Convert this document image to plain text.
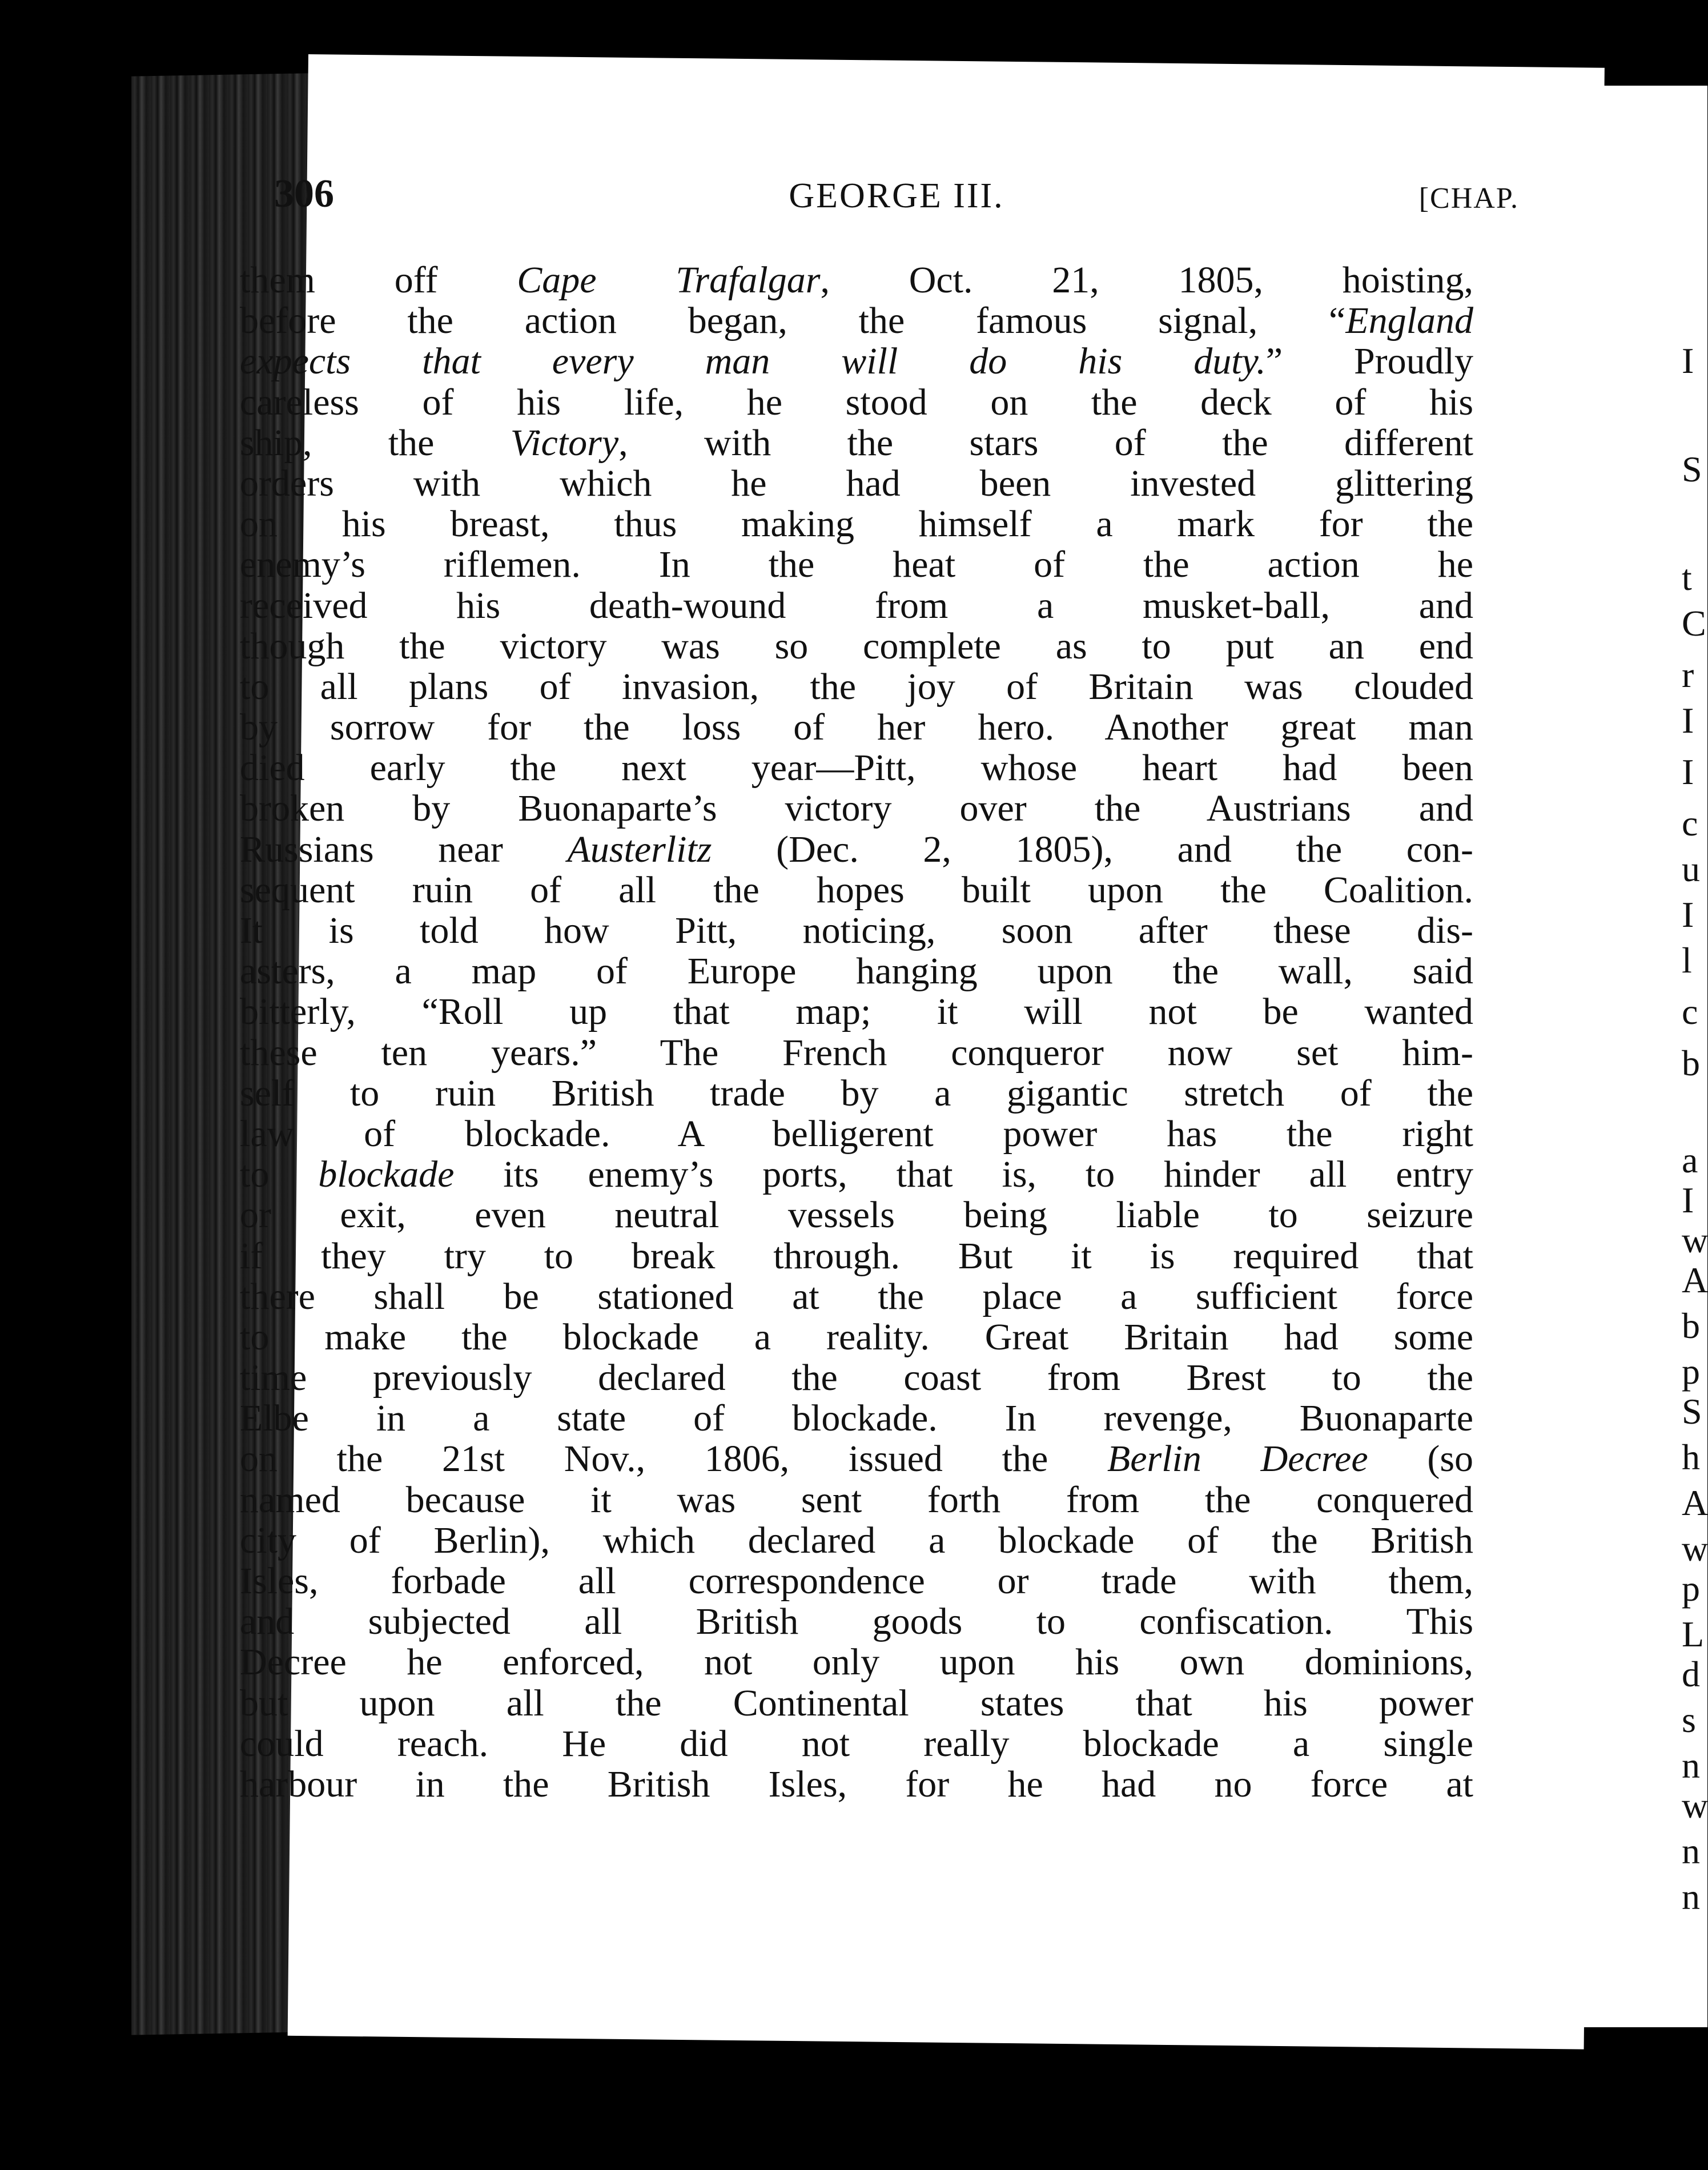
I
S
t
C
r
I
I
c
u
I
l
c
b
a
I
w
A
b
p
S
h
A
w
p
L
d
s
n
w
n
n
306	GEORGE III.	[CHAP.
them off Cape Trafalgar, Oct. 21, 1805, hoisting,
before the action began, the famous signal, “England
expects that every man will do his duty.” Proudly
careless of his life, he stood on the deck of his
ship, the Victory, with the stars of the different
orders with which he had been invested glittering
on his breast, thus making himself a mark for the
enemy’s riflemen. In the heat of the action he
received his death-wound from a musket-ball, and
though the victory was so complete as to put an end
to all plans of invasion, the joy of Britain was clouded
by sorrow for the loss of her hero. Another great man
died early the next year—Pitt, whose heart had been
broken by Buonaparte’s victory over the Austrians and
Russians near Austerlitz (Dec. 2, 1805), and the con-
sequent ruin of all the hopes built upon the Coalition.
It is told how Pitt, noticing, soon after these dis-
asters, a map of Europe hanging upon the wall, said
bitterly, “Roll up that map; it will not be wanted
these ten years.” The French conqueror now set him-
self to ruin British trade by a gigantic stretch of the
law of blockade. A belligerent power has the right
to blockade its enemy’s ports, that is, to hinder all entry
or exit, even neutral vessels being liable to seizure
if they try to break through. But it is required that
there shall be stationed at the place a sufficient force
to make the blockade a reality. Great Britain had some
time previously declared the coast from Brest to the
Elbe in a state of blockade. In revenge, Buonaparte
on the 21st Nov., 1806, issued the Berlin Decree (so
named because it was sent forth from the conquered
city of Berlin), which declared a blockade of the British
Isles, forbade all correspondence or trade with them,
and subjected all British goods to confiscation. This
Decree he enforced, not only upon his own dominions,
but upon all the Continental states that his power
could reach. He did not really blockade a single
harbour in the British Isles, for he had no force at
